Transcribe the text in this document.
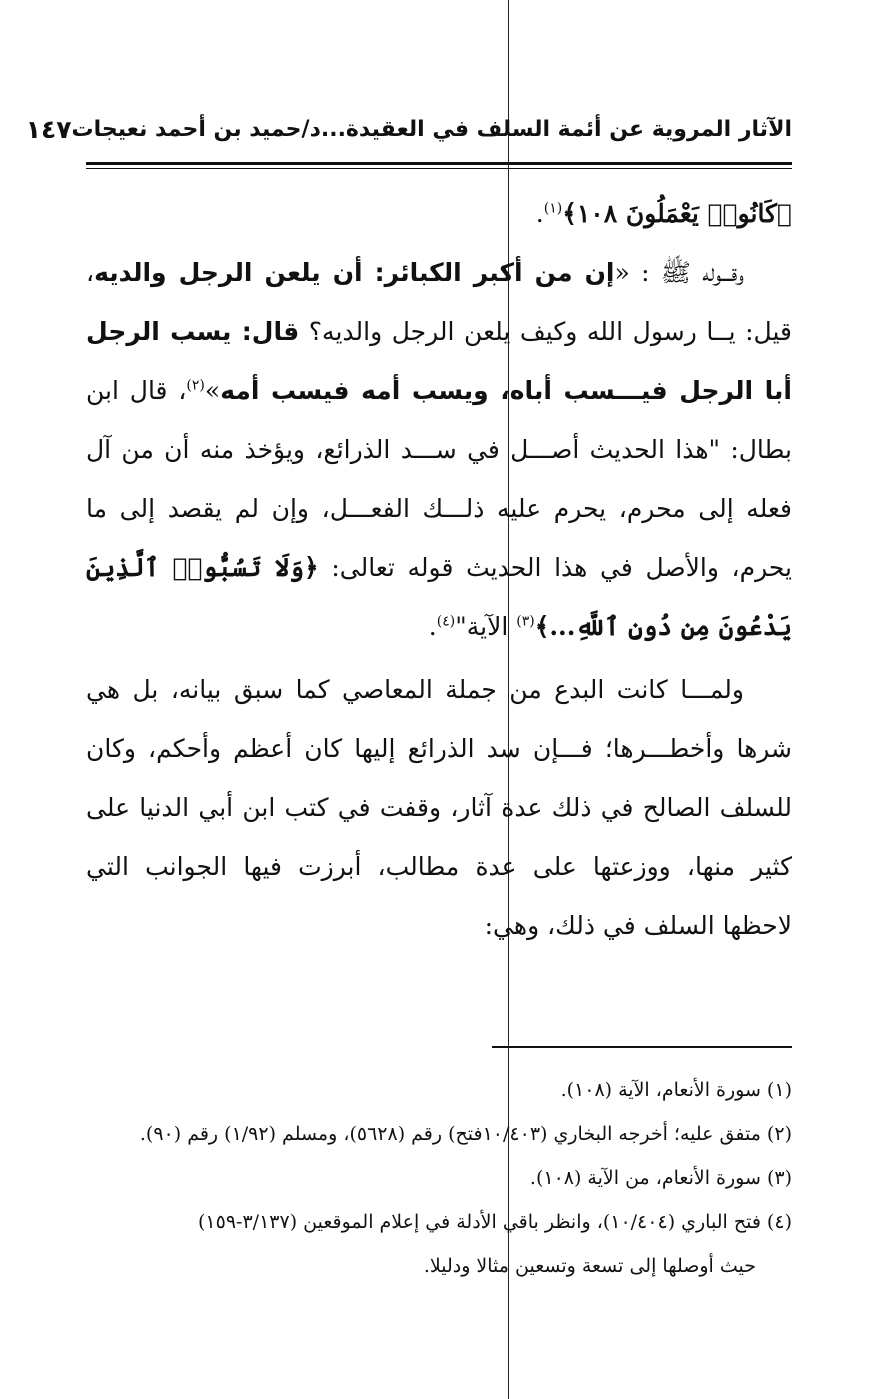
الآثار المروية عن أئمة السلف في العقيدة...د/حميد بن أحمد نعيجات
١٤٧

﴿كَانُوا۟ يَعْمَلُونَ ١٠٨﴾$^{(١)}$.

وقـــوله ﷺ : «إن من أكبر الكبائر: أن يلعن الرجل والديه، قيل: يــا رسول الله وكيف يلعن الرجل والديه؟ قال: يسب الرجل أبا الرجل فيـــسب أباه، ويسب أمه فيسب أمه»$^{(٢)}$، قال ابن بطال: "هذا الحديث أصـــل في ســـد الذرائع، ويؤخذ منه أن من آل فعله إلى محرم، يحرم عليه ذلـــك الفعـــل، وإن لم يقصد إلى ما يحرم، والأصل في هذا الحديث قوله تعالى: ﴿وَلَا تَسُبُّوا۟ ٱلَّذِينَ يَدْعُونَ مِن دُونِ ٱللَّهِ...﴾$^{(٣)}$ الآية"$^{(٤)}$.

ولمـــا كانت البدع من جملة المعاصي كما سبق بيانه، بل هي شرها وأخطـــرها؛ فـــإن سد الذرائع إليها كان أعظم وأحكم، وكان للسلف الصالح في ذلك عدة آثار، وقفت في كتب ابن أبي الدنيا على كثير منها، ووزعتها على عدة مطالب، أبرزت فيها الجوانب التي لاحظها السلف في ذلك، وهي:

(١) سورة الأنعام، الآية (١٠٨).

(٢) متفق عليه؛ أخرجه البخاري (١٠/٤٠٣فتح) رقم (٥٦٢٨)، ومسلم (١/٩٢) رقم (٩٠).

(٣) سورة الأنعام، من الآية (١٠٨).

(٤) فتح الباري (١٠/٤٠٤)، وانظر باقي الأدلة في إعلام الموقعين (٣/١٣٧-١٥٩)

حيث أوصلها إلى تسعة وتسعين مثالا ودليلا.
